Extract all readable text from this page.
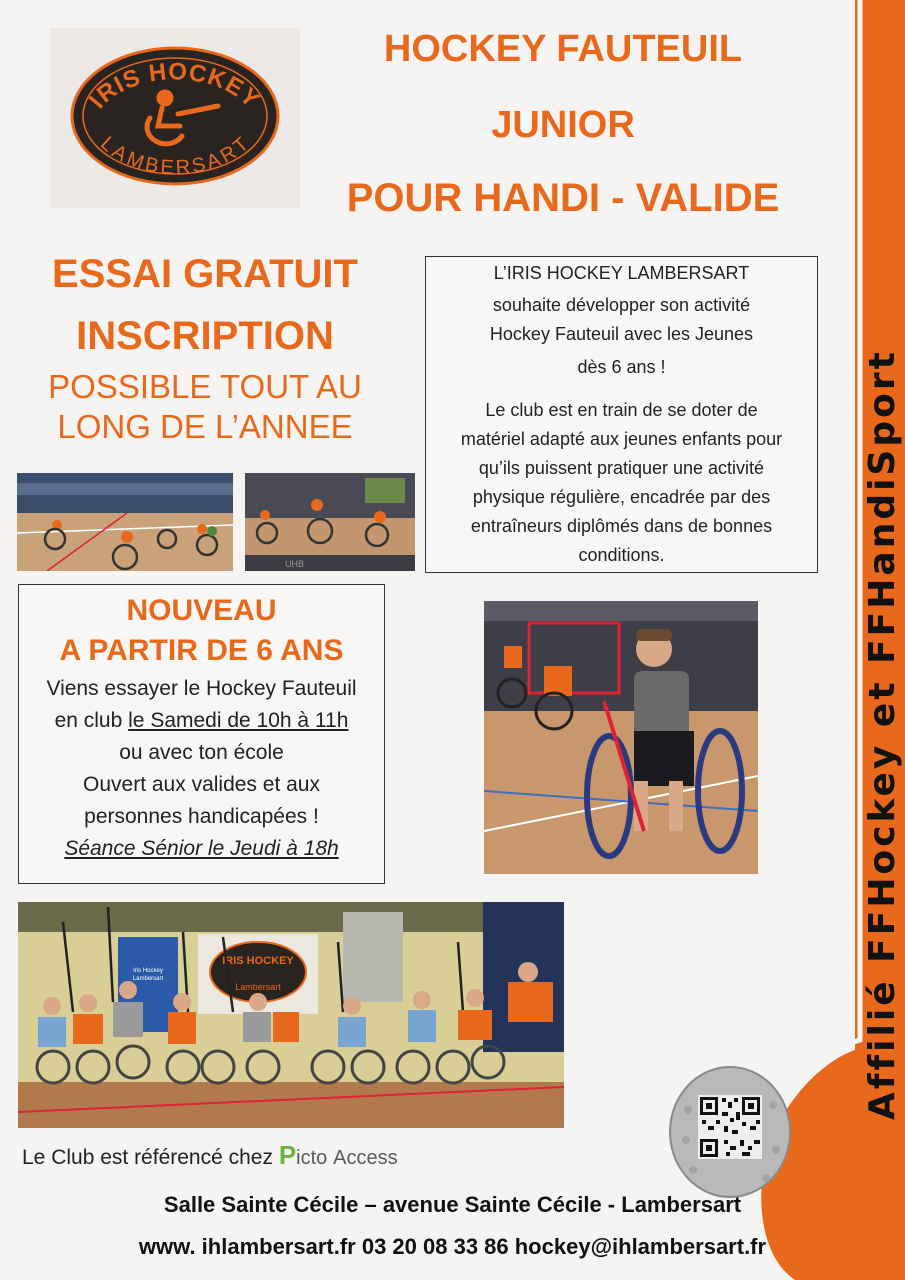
Affilié FFHockey et FFHandiSport
IRIS HOCKEY
LAMBERSART
HOCKEY FAUTEUIL
JUNIOR
POUR HANDI - VALIDE
ESSAI GRATUIT
INSCRIPTION
POSSIBLE TOUT AU
LONG DE L’ANNEE

L’IRIS HOCKEY LAMBERSART

souhaite développer son activité

Hockey Fauteuil avec les Jeunes

dès 6 ans !

Le club est en train de se doter de

matériel adapté aux jeunes enfants pour

qu’ils puissent pratiquer une activité

physique régulière, encadrée par des

entraîneurs diplômés dans de bonnes

conditions.

UHB
NOUVEAU
A PARTIR DE 6 ANS
Viens essayer le Hockey Fauteuil
en club le Samedi de 10h à 11h
ou avec ton école
Ouvert aux valides et aux
personnes handicapées !
Séance Sénior le Jeudi à 18h
IRIS HOCKEY
Lambersart
Iris Hockey
Lambersart
Le Club est référencé chez Picto Access
Salle Sainte Cécile – avenue Sainte Cécile - Lambersart
www. ihlambersart.fr 03 20 08 33 86 hockey@ihlambersart.fr
